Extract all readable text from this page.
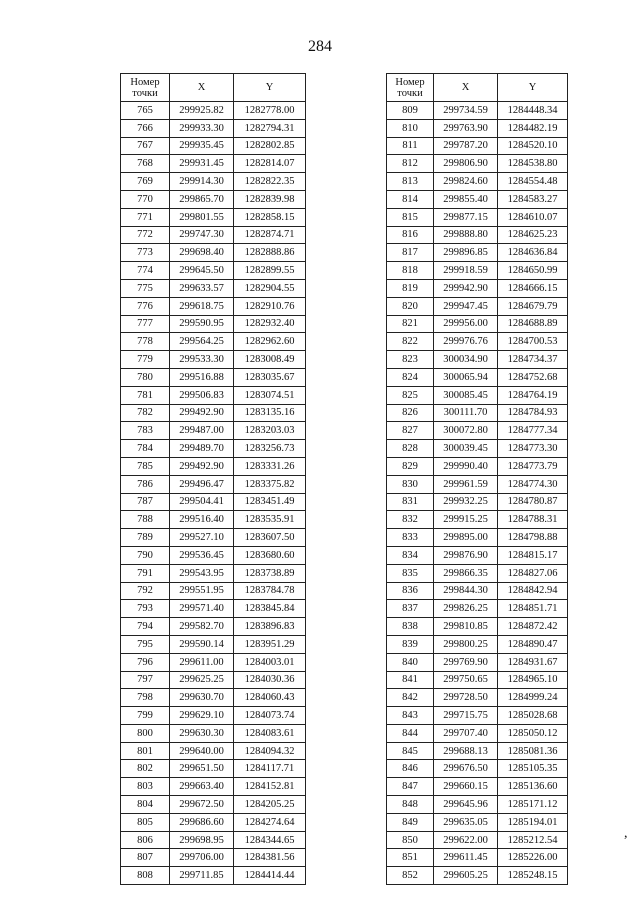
284
Номер
точки	X	Y
765	299925.82	1282778.00
766	299933.30	1282794.31
767	299935.45	1282802.85
768	299931.45	1282814.07
769	299914.30	1282822.35
770	299865.70	1282839.98
771	299801.55	1282858.15
772	299747.30	1282874.71
773	299698.40	1282888.86
774	299645.50	1282899.55
775	299633.57	1282904.55
776	299618.75	1282910.76
777	299590.95	1282932.40
778	299564.25	1282962.60
779	299533.30	1283008.49
780	299516.88	1283035.67
781	299506.83	1283074.51
782	299492.90	1283135.16
783	299487.00	1283203.03
784	299489.70	1283256.73
785	299492.90	1283331.26
786	299496.47	1283375.82
787	299504.41	1283451.49
788	299516.40	1283535.91
789	299527.10	1283607.50
790	299536.45	1283680.60
791	299543.95	1283738.89
792	299551.95	1283784.78
793	299571.40	1283845.84
794	299582.70	1283896.83
795	299590.14	1283951.29
796	299611.00	1284003.01
797	299625.25	1284030.36
798	299630.70	1284060.43
799	299629.10	1284073.74
800	299630.30	1284083.61
801	299640.00	1284094.32
802	299651.50	1284117.71
803	299663.40	1284152.81
804	299672.50	1284205.25
805	299686.60	1284274.64
806	299698.95	1284344.65
807	299706.00	1284381.56
808	299711.85	1284414.44
Номер
точки	X	Y
809	299734.59	1284448.34
810	299763.90	1284482.19
811	299787.20	1284520.10
812	299806.90	1284538.80
813	299824.60	1284554.48
814	299855.40	1284583.27
815	299877.15	1284610.07
816	299888.80	1284625.23
817	299896.85	1284636.84
818	299918.59	1284650.99
819	299942.90	1284666.15
820	299947.45	1284679.79
821	299956.00	1284688.89
822	299976.76	1284700.53
823	300034.90	1284734.37
824	300065.94	1284752.68
825	300085.45	1284764.19
826	300111.70	1284784.93
827	300072.80	1284777.34
828	300039.45	1284773.30
829	299990.40	1284773.79
830	299961.59	1284774.30
831	299932.25	1284780.87
832	299915.25	1284788.31
833	299895.00	1284798.88
834	299876.90	1284815.17
835	299866.35	1284827.06
836	299844.30	1284842.94
837	299826.25	1284851.71
838	299810.85	1284872.42
839	299800.25	1284890.47
840	299769.90	1284931.67
841	299750.65	1284965.10
842	299728.50	1284999.24
843	299715.75	1285028.68
844	299707.40	1285050.12
845	299688.13	1285081.36
846	299676.50	1285105.35
847	299660.15	1285136.60
848	299645.96	1285171.12
849	299635.05	1285194.01
850	299622.00	1285212.54
851	299611.45	1285226.00
852	299605.25	1285248.15
,
